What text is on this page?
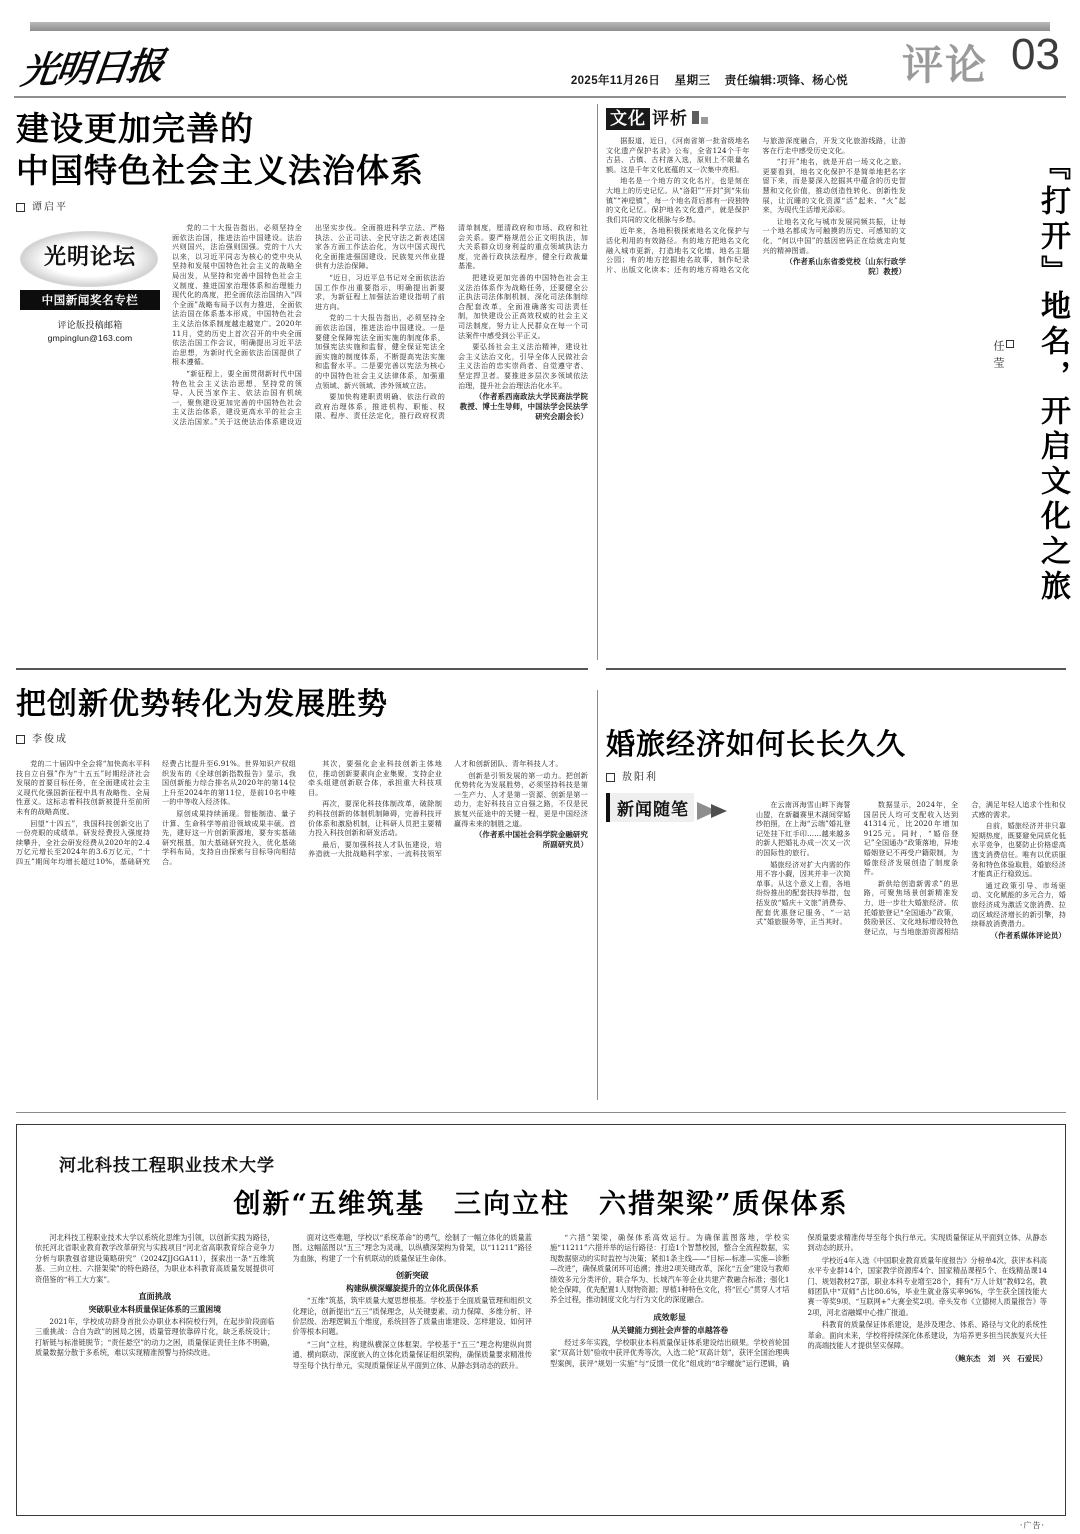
光明日报	2025年11月26日 星期三 责任编辑:项锋、杨心悦 评论 03
建设更加完善的
中国特色社会主义法治体系
谭启平
光明论坛
中国新闻奖名专栏
评论版投稿邮箱
gmpinglun@163.com

党的二十大报告指出，必须坚持全面依法治国，推进法治中国建设。法治兴则国兴，法治强则国强。党的十八大以来，以习近平同志为核心的党中央从坚持和发展中国特色社会主义的战略全局出发，从坚持和完善中国特色社会主义制度、推进国家治理体系和治理能力现代化的高度，把全面依法治国纳入“四个全面”战略布局予以有力推进，全面依法治国在体系基本形成，中国特色社会主义法治体系制度越走越宽广。2020年11月，党的历史上首次召开的中央全面依法治国工作会议，明确提出习近平法治思想，为新时代全面依法治国提供了根本遵循。

“新征程上，要全面贯彻新时代中国特色社会主义法治思想，坚持党的领导、人民当家作主、依法治国有机统一，聚焦建设更加完善的中国特色社会主义法治体系，建设更高水平的社会主义法治国家。”关于这使法治体系建设迈出坚实步伐。全面推进科学立法、严格执法、公正司法、全民守法之新表述国家各方面工作法治化，为以中国式现代化全面推进强国建设、民族复兴伟业提供有力法治保障。

“近日，习近平总书记对全面依法治国工作作出重要指示，明确提出新要求，为新征程上加强法治建设指明了前进方向。

党的二十大报告指出，必须坚持全面依法治国，推进法治中国建设。一是要健全保障宪法全面实施的制度体系，加强宪法实施和监督，健全保证宪法全面实施的制度体系，不断提高宪法实施和监督水平。二是要完善以宪法为核心的中国特色社会主义法律体系，加强重点领域、新兴领域、涉外领域立法。

要加快构建职责明确、依法行政的政府治理体系，推进机构、职能、权限、程序、责任法定化，推行政府权责清单制度，厘清政府和市场、政府和社会关系。要严格规范公正文明执法，加大关系群众切身利益的重点领域执法力度，完善行政执法程序，健全行政裁量基准。

把建设更加完善的中国特色社会主义法治体系作为战略任务，还要健全公正执法司法体制机制，深化司法体制综合配套改革，全面准确落实司法责任制，加快建设公正高效权威的社会主义司法制度，努力让人民群众在每一个司法案件中感受到公平正义。

要弘扬社会主义法治精神，建设社会主义法治文化，引导全体人民做社会主义法治的忠实崇尚者、自觉遵守者、坚定捍卫者。要推进多层次多领域依法治理，提升社会治理法治化水平。

（作者系西南政法大学民商法学院教授、博士生导师，中国法学会民法学研究会副会长）

文化 评析

据报道，近日，《河南省第一批省级地名文化遗产保护名录》公布，全省124个千年古县、古镇、古村落入选，原则上不限量名额。这是千年文化底蕴的又一次集中亮相。

地名是一个地方的文化名片，也是刻在大地上的历史记忆。从“洛阳”“开封”到“朱仙镇”“神垕镇”，每一个地名背后都有一段独特的文化记忆。保护地名文化遗产，就是保护我们共同的文化根脉与乡愁。

近年来，各地积极探索地名文化保护与活化利用的有效路径。有的地方把地名文化融入城市更新，打造地名文化墙、地名主题公园；有的地方挖掘地名故事，制作纪录片、出版文化读本；还有的地方将地名文化与旅游深度融合，开发文化旅游线路，让游客在行走中感受历史文化。

“打开”地名，就是开启一场文化之旅。更要看到，地名文化保护不是简单地把名字留下来，而是要深入挖掘其中蕴含的历史智慧和文化价值，推动创造性转化、创新性发展，让沉睡的文化资源“活”起来、“火”起来，为现代生活增光添彩。

让地名文化与城市发展同频共振，让每一个地名都成为可触摸的历史、可感知的文化，“何以中国”的基因密码正在绘就走向复兴的精神图谱。

（作者系山东省委党校〔山东行政学院〕教授）	『打开』地名，开启文化之旅
任莹
把创新优势转化为发展胜势
李俊成

党的二十届四中全会将“加快高水平科技自立自强”作为“十五五”时期经济社会发展的首要目标任务，在全面建成社会主义现代化强国新征程中具有战略性、全局性意义。这标志着科技创新被提升至前所未有的战略高度。

回望“十四五”，我国科技创新交出了一份亮眼的成绩单。研发经费投入强度持续攀升，全社会研发经费从2020年的2.4万亿元增长至2024年的3.6万亿元，“十四五”期间年均增长超过10%，基础研究经费占比提升至6.91%。世界知识产权组织发布的《全球创新指数报告》显示，我国创新能力综合排名从2020年的第14位上升至2024年的第11位，是前10名中唯一的中等收入经济体。

原创成果持续涌现。智能制造、量子计算、生命科学等前沿领域成果丰硕。首先，建好这一片创新策源地，要夯实基础研究根基，加大基础研究投入，优化基础学科布局，支持自由探索与目标导向相结合。

其次，要强化企业科技创新主体地位，推动创新要素向企业集聚，支持企业牵头组建创新联合体，承担重大科技项目。

再次，要深化科技体制改革，破除制约科技创新的体制机制障碍，完善科技评价体系和激励机制，让科研人员把主要精力投入科技创新和研发活动。

最后，要加强科技人才队伍建设，培养造就一大批战略科学家、一流科技领军人才和创新团队、青年科技人才。

创新是引领发展的第一动力。把创新优势转化为发展胜势，必须坚持科技是第一生产力、人才是第一资源、创新是第一动力，走好科技自立自强之路，不仅是民族复兴征途中的关键一程，更是中国经济赢得未来的制胜之道。

（作者系中国社会科学院金融研究所副研究员）

婚旅经济如何长长久久
敖阳利
新闻随笔	在云南洱海雪山畔下海誓山盟，在新疆赛里木湖间穿婚纱拍照，在上海“云端”婚礼登记处挂下红手印……越来越多的新人把婚礼办成一次又一次的国际性的旅行。

婚旅经济对扩大内需的作用不容小觑，因其并非一次简单事。从这个意义上看，各地纷纷推出的配套扶持举措，包括发放“婚庆＋文旅”消费券、配套优惠登记服务、“一站式”婚旅服务等，正当其时。

数据显示，2024年，全国居民人均可支配收入达到41314元，比2020年增加9125元。同时，“婚俗登记”全国通办“政策落地，异地婚姻登记不再受户籍限制，为婚旅经济发展创造了制度条件。

新供给创造新需求”的思路，可聚焦场景创新精准发力，进一步壮大婚旅经济。依托婚旅登记“全国通办”政策，鼓励景区、文化地标增设特色登记点，与当地旅游资源相结合，满足年轻人追求个性和仪式感的需求。

自前，婚旅经济并非只靠短期热度，既要避免同质化低水平竞争，也要防止价格虚高透支消费信任。唯有以优质服务和特色体验取胜，婚旅经济才能真正行稳致远。

通过政策引导、市场驱动、文化赋能的多元合力，婚旅经济成为激活文旅消费、拉动区域经济增长的新引擎，持续释放消费潜力。

（作者系媒体评论员）

河北科技工程职业技术大学
创新“五维筑基　三向立柱　六措架梁”质保体系

河北科技工程职业技术大学以系统化思维为引领，以创新实践为路径，依托河北省职业教育教学改革研究与实践项目“河北省高职教育综合竞争力分析与职教强省建设策略研究”（2024ZJJGGA11），探索出一条“五维筑基、三向立柱、六措架梁”的特色路径，为职业本科教育高质量发展提供可资借鉴的“科工大方案”。

直面挑战

突破职业本科质量保证体系的三重困境

2021年，学校成功跻身首批公办职业本科院校行列，在起步阶段面临三重挑战：合自为政”的困局之困，质量管理依靠碎片化，缺乏系统设计；打斩链与标准链脱节；“责任悬空”的动力之困，质量保证责任主体不明确，质量数据分散于多系统，难以实现精准预警与持续改进。

面对这些难题，学校以“系统革命”的勇气，绘制了一幅立体化的质量蓝图。这幅蓝图以“五三”理念为灵魂，以纵横深架构为骨架，以“11211”路径为血脉，构建了一个有机联动的质量保证生命体。

创新突破

构建纵横深螺旋提升的立体化质保体系

“五维”筑基，筑牢质量大厦思想根基。学校基于全面质量管理和组织文化理论，创新提出“五三”质保理念，从关键要素、动力保障、多维分析、评价层级、治理逻辑五个维度，系统回答了质量由谁建设、怎样建设、如何评价等根本问题。

“三向”立柱，构建纵横深立体框架。学校基于“五三”理念构建纵向贯通、横向联动、深度嵌入的立体化质量保证组织架构，确保质量要求精准传导至每个执行单元，实现质量保证从平面到立体、从静态到动态的跃升。

“六措”架梁，确保体系高效运行。为确保蓝图落地，学校实施“11211”六措并举的运行路径：打造1个智慧校园，整合全流程数据，实现数据驱动的实时监控与决策；紧扣1条主线——“目标—标准—实施—诊断—改进”，确保质量闭环可追溯；推进2项关键改革，深化“五金”建设与教师绩效多元分类评价，联合华为、长城汽车等企业共建产教融合标准；强化1轮全保障，优先配置1人财物资源；厚植1种特色文化，将“匠心”贯穿人才培养全过程，推动制度文化与行为文化的深度融合。

成效彰显

从关键能力到社会声誉的卓越答卷

经过多年实践，学校职业本科质量保证体系建设结出硕果。学校首轮国家“双高计划”验收中获评优秀等次，入选二轮“双高计划”，获评全国治理典型案例，获评“规划一实施”与“反馈一优化”组成的“8字螺旋”运行逻辑，确保质量要求精准传导至每个执行单元。实现质量保证从平面到立体、从静态到动态的跃升。

学校近4年入选《中国职业教育质量年度报告》分榜单4次，获评本科高水平专业群14个，国家教学资源库4个、国家精品课程5个、在线精品课14门、规划教材27部，职业本科专业增至28个，拥有“万人计划”教师2名，教师团队中“双师”占比80.6%，毕业生就业落实率96%，学生获全国技能大赛一等奖9项、“互联网+”大赛金奖2项。牵头发布《立德树人质量报告》等2项，河北省融媒中心推广报道。

科教育的质量保证体系建设，是涉及理念、体系、路径与文化的系统性革命。面向未来，学校将持续深化体系建设，为培养更多担当民族复兴大任的高端技能人才提供坚实保障。

（鲍东杰　刘　兴　石爱民）

·广告·
